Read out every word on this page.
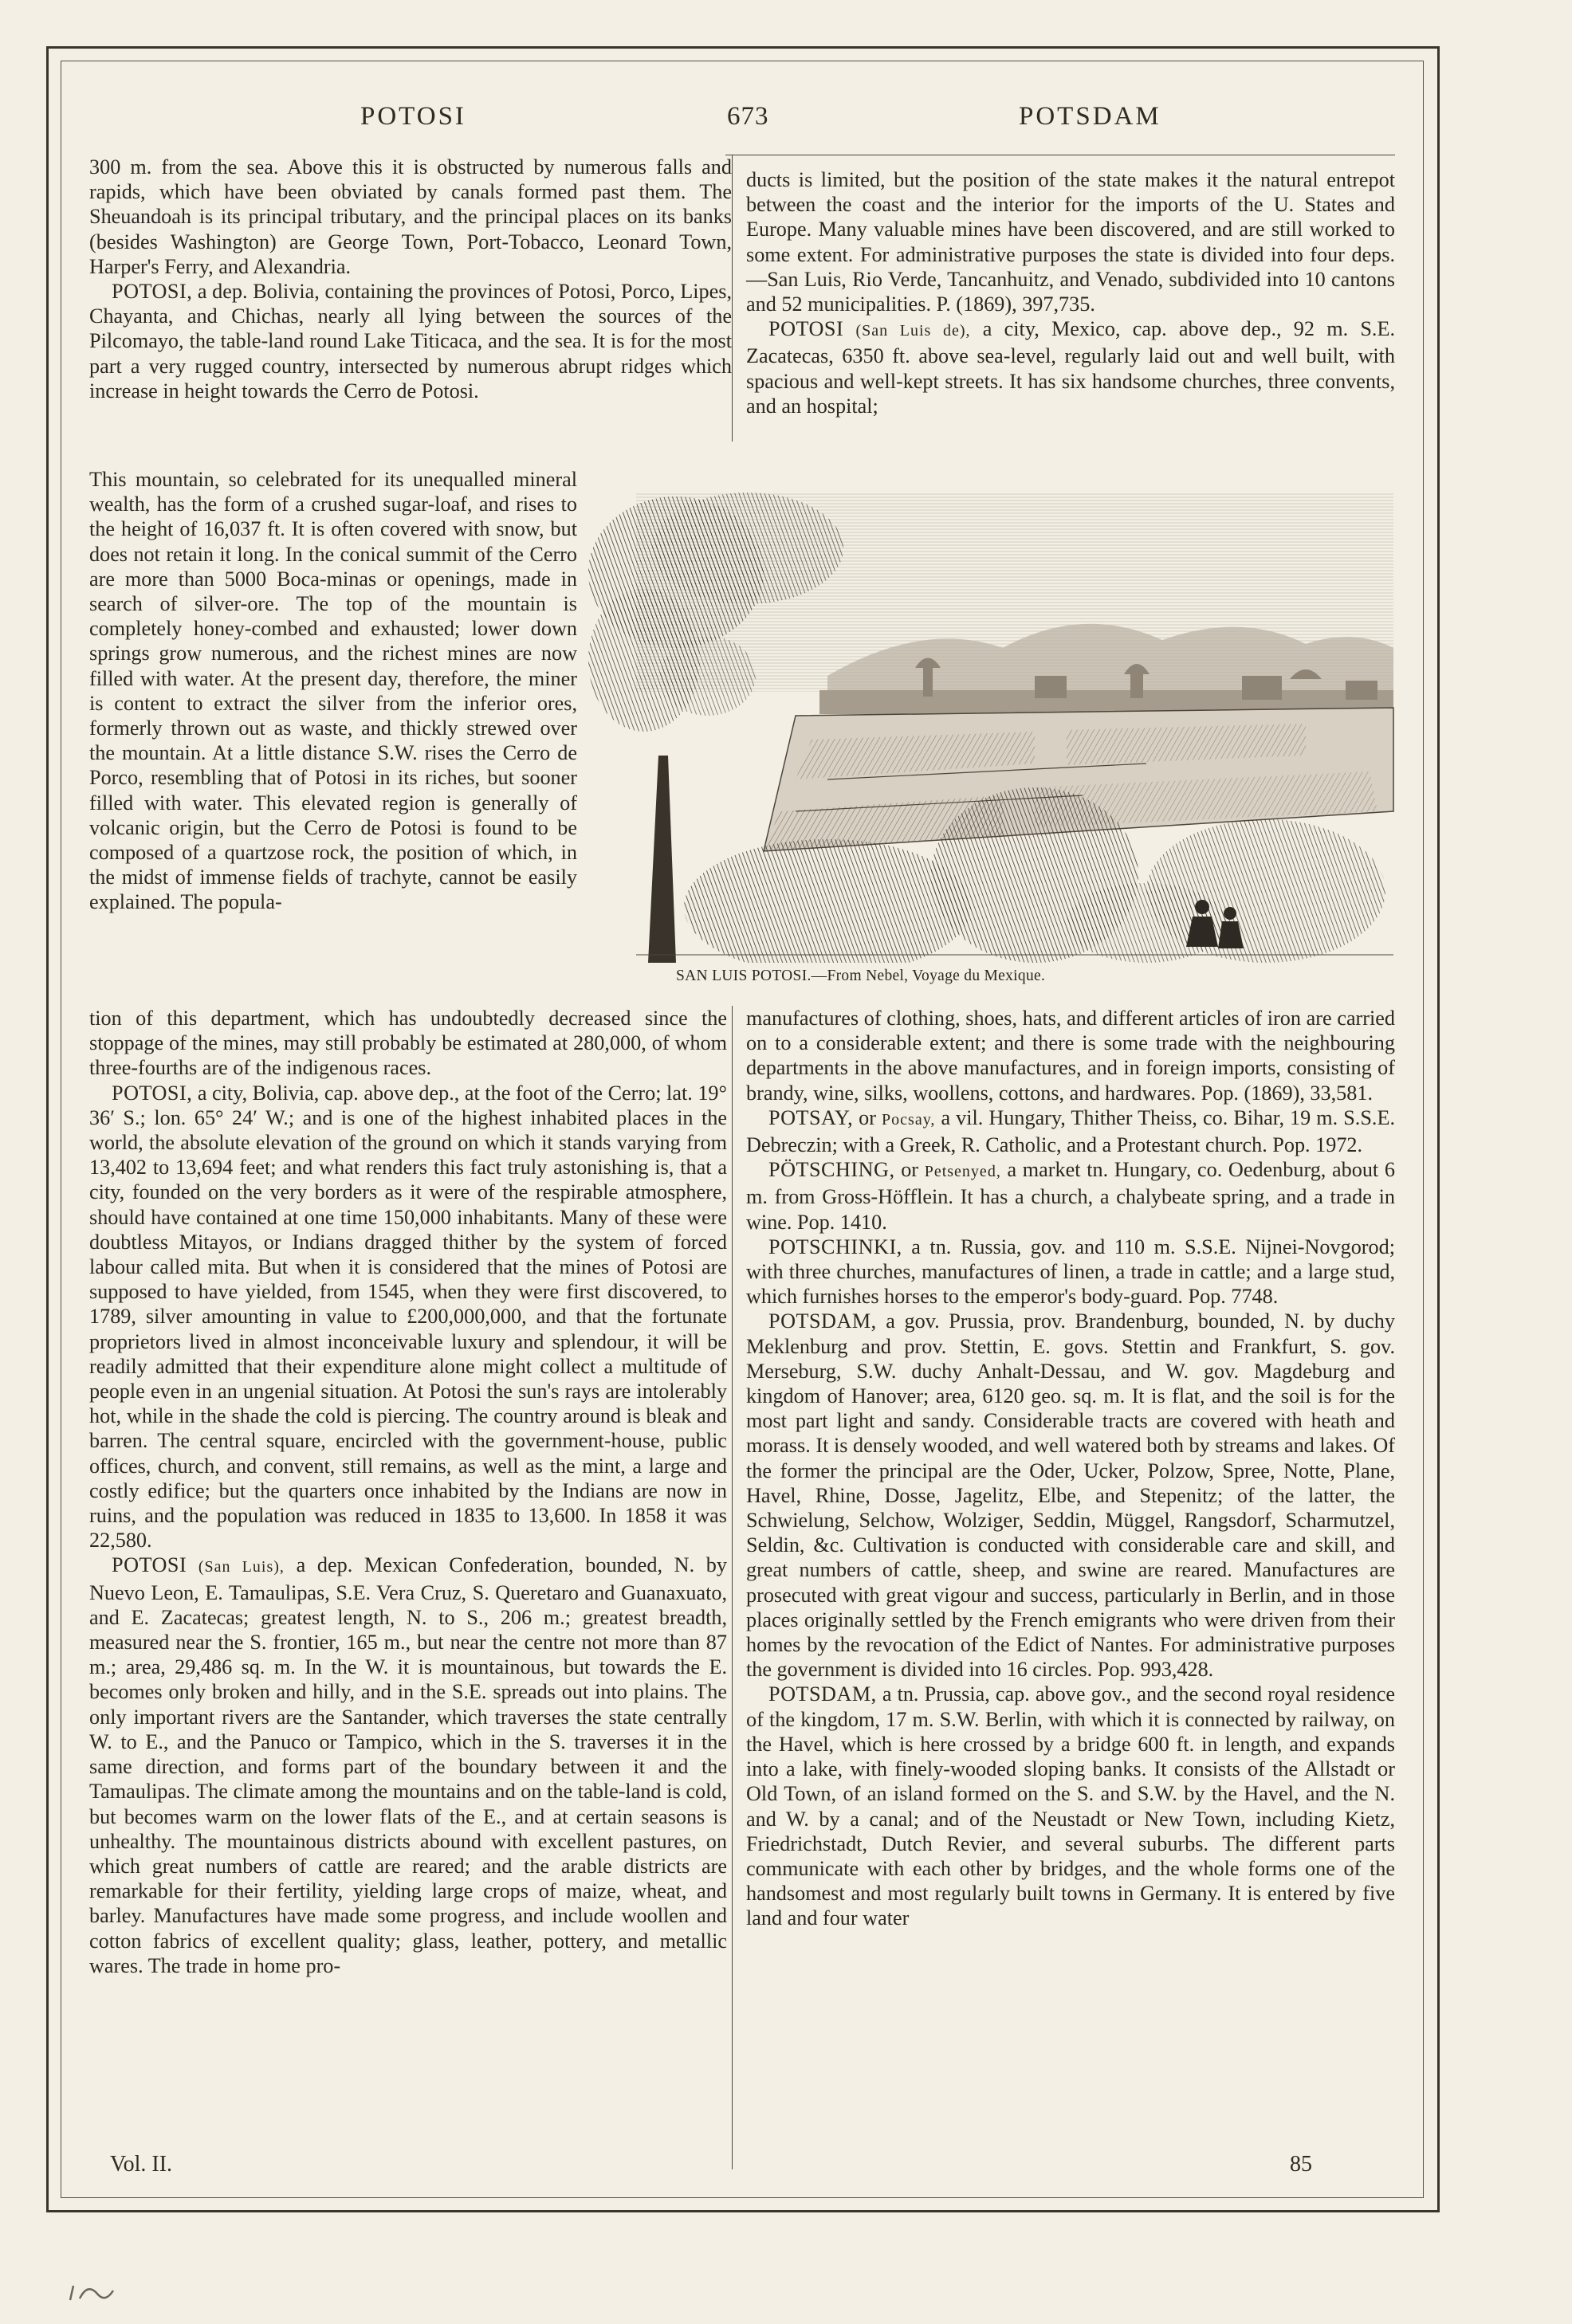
POTOSI	673	POTSDAM

300 m. from the sea. Above this it is obstructed by numerous falls and rapids, which have been obviated by canals formed past them. The Sheuandoah is its principal tributary, and the principal places on its banks (besides Washington) are George Town, Port-Tobacco, Leonard Town, Harper's Ferry, and Alexandria.

POTOSI, a dep. Bolivia, containing the provinces of Potosi, Porco, Lipes, Chayanta, and Chichas, nearly all lying between the sources of the Pilcomayo, the table-land round Lake Titicaca, and the sea. It is for the most part a very rugged country, intersected by numerous abrupt ridges which increase in height towards the Cerro de Potosi.

This mountain, so celebrated for its unequalled mineral wealth, has the form of a crushed sugar-loaf, and rises to the height of 16,037 ft. It is often covered with snow, but does not retain it long. In the conical summit of the Cerro are more than 5000 Boca-minas or openings, made in search of silver-ore. The top of the mountain is completely honey-combed and exhausted; lower down springs grow numerous, and the richest mines are now filled with water. At the present day, therefore, the miner is content to extract the silver from the inferior ores, formerly thrown out as waste, and thickly strewed over the mountain. At a little distance S.W. rises the Cerro de Porco, resembling that of Potosi in its riches, but sooner filled with water. This elevated region is generally of volcanic origin, but the Cerro de Potosi is found to be composed of a quartzose rock, the position of which, in the midst of immense fields of trachyte, cannot be easily explained. The popula-

tion of this department, which has undoubtedly decreased since the stoppage of the mines, may still probably be estimated at 280,000, of whom three-fourths are of the indigenous races.

POTOSI, a city, Bolivia, cap. above dep., at the foot of the Cerro; lat. 19° 36′ S.; lon. 65° 24′ W.; and is one of the highest inhabited places in the world, the absolute elevation of the ground on which it stands varying from 13,402 to 13,694 feet; and what renders this fact truly astonishing is, that a city, founded on the very borders as it were of the respirable atmosphere, should have contained at one time 150,000 inhabitants. Many of these were doubtless Mitayos, or Indians dragged thither by the system of forced labour called mita. But when it is considered that the mines of Potosi are supposed to have yielded, from 1545, when they were first discovered, to 1789, silver amounting in value to £200,000,000, and that the fortunate proprietors lived in almost inconceivable luxury and splendour, it will be readily admitted that their expenditure alone might collect a multitude of people even in an ungenial situation. At Potosi the sun's rays are intolerably hot, while in the shade the cold is piercing. The country around is bleak and barren. The central square, encircled with the government-house, public offices, church, and convent, still remains, as well as the mint, a large and costly edifice; but the quarters once inhabited by the Indians are now in ruins, and the population was reduced in 1835 to 13,600. In 1858 it was 22,580.

POTOSI (San Luis), a dep. Mexican Confederation, bounded, N. by Nuevo Leon, E. Tamaulipas, S.E. Vera Cruz, S. Queretaro and Guanaxuato, and E. Zacatecas; greatest length, N. to S., 206 m.; greatest breadth, measured near the S. frontier, 165 m., but near the centre not more than 87 m.; area, 29,486 sq. m. In the W. it is mountainous, but towards the E. becomes only broken and hilly, and in the S.E. spreads out into plains. The only important rivers are the Santander, which traverses the state centrally W. to E., and the Panuco or Tampico, which in the S. traverses it in the same direction, and forms part of the boundary between it and the Tamaulipas. The climate among the mountains and on the table-land is cold, but becomes warm on the lower flats of the E., and at certain seasons is unhealthy. The mountainous districts abound with excellent pastures, on which great numbers of cattle are reared; and the arable districts are remarkable for their fertility, yielding large crops of maize, wheat, and barley. Manufactures have made some progress, and include woollen and cotton fabrics of excellent quality; glass, leather, pottery, and metallic wares. The trade in home pro-

ducts is limited, but the position of the state makes it the natural entrepot between the coast and the interior for the imports of the U. States and Europe. Many valuable mines have been discovered, and are still worked to some extent. For administrative purposes the state is divided into four deps. —San Luis, Rio Verde, Tancanhuitz, and Venado, subdivided into 10 cantons and 52 municipalities. P. (1869), 397,735.

POTOSI (San Luis de), a city, Mexico, cap. above dep., 92 m. S.E. Zacatecas, 6350 ft. above sea-level, regularly laid out and well built, with spacious and well-kept streets. It has six handsome churches, three convents, and an hospital;

SAN LUIS POTOSI.—From Nebel, Voyage du Mexique.

manufactures of clothing, shoes, hats, and different articles of iron are carried on to a considerable extent; and there is some trade with the neighbouring departments in the above manufactures, and in foreign imports, consisting of brandy, wine, silks, woollens, cottons, and hardwares. Pop. (1869), 33,581.

POTSAY, or Pocsay, a vil. Hungary, Thither Theiss, co. Bihar, 19 m. S.S.E. Debreczin; with a Greek, R. Catholic, and a Protestant church. Pop. 1972.

PÖTSCHING, or Petsenyed, a market tn. Hungary, co. Oedenburg, about 6 m. from Gross-Höfflein. It has a church, a chalybeate spring, and a trade in wine. Pop. 1410.

POTSCHINKI, a tn. Russia, gov. and 110 m. S.S.E. Nijnei-Novgorod; with three churches, manufactures of linen, a trade in cattle; and a large stud, which furnishes horses to the emperor's body-guard. Pop. 7748.

POTSDAM, a gov. Prussia, prov. Brandenburg, bounded, N. by duchy Meklenburg and prov. Stettin, E. govs. Stettin and Frankfurt, S. gov. Merseburg, S.W. duchy Anhalt-Dessau, and W. gov. Magdeburg and kingdom of Hanover; area, 6120 geo. sq. m. It is flat, and the soil is for the most part light and sandy. Considerable tracts are covered with heath and morass. It is densely wooded, and well watered both by streams and lakes. Of the former the principal are the Oder, Ucker, Polzow, Spree, Notte, Plane, Havel, Rhine, Dosse, Jagelitz, Elbe, and Stepenitz; of the latter, the Schwielung, Selchow, Wolziger, Seddin, Müggel, Rangsdorf, Scharmutzel, Seldin, &c. Cultivation is conducted with considerable care and skill, and great numbers of cattle, sheep, and swine are reared. Manufactures are prosecuted with great vigour and success, particularly in Berlin, and in those places originally settled by the French emigrants who were driven from their homes by the revocation of the Edict of Nantes. For administrative purposes the government is divided into 16 circles. Pop. 993,428.

POTSDAM, a tn. Prussia, cap. above gov., and the second royal residence of the kingdom, 17 m. S.W. Berlin, with which it is connected by railway, on the Havel, which is here crossed by a bridge 600 ft. in length, and expands into a lake, with finely-wooded sloping banks. It consists of the Allstadt or Old Town, of an island formed on the S. and S.W. by the Havel, and the N. and W. by a canal; and of the Neustadt or New Town, including Kietz, Friedrichstadt, Dutch Revier, and several suburbs. The different parts communicate with each other by bridges, and the whole forms one of the handsomest and most regularly built towns in Germany. It is entered by five land and four water

Vol. II.	85
